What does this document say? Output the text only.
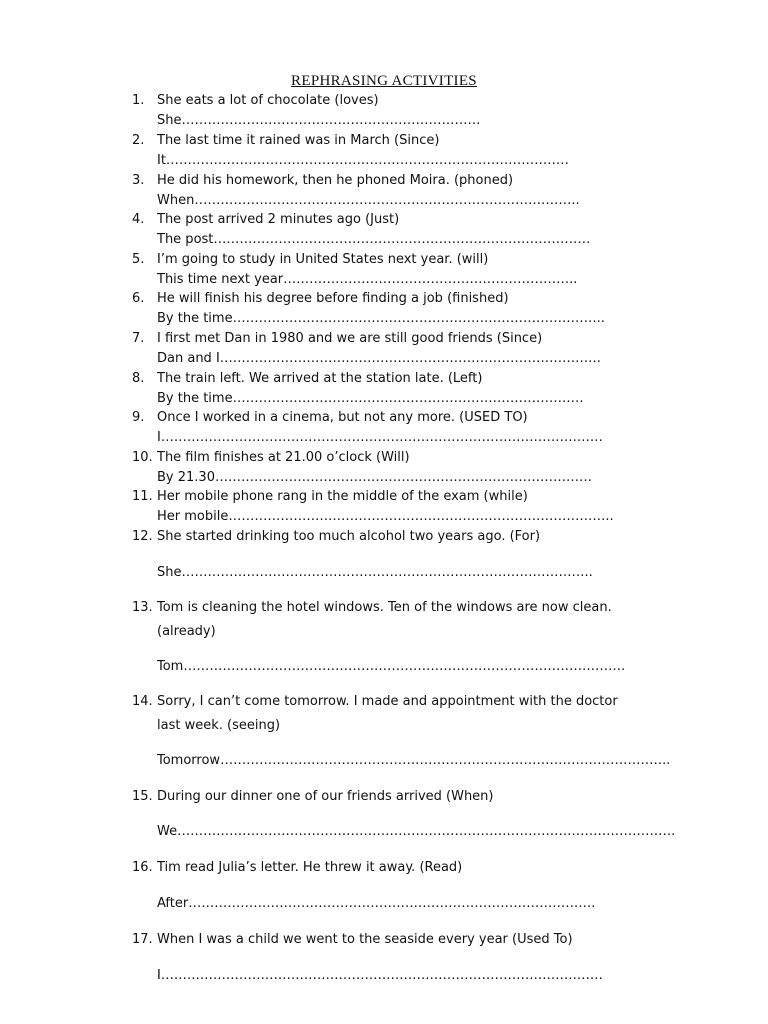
REPHRASING ACTIVITIES
1. She eats a lot of chocolate (loves)
She……………………………………………………………
2. The last time it rained was in March (Since)
It…………………………………………………………………………………
3. He did his homework, then he phoned Moira. (phoned)
When……………………………………………………………………………..
4. The post arrived 2 minutes ago (Just)
The post……………………………………………………………………………
5. I’m going to study in United States next year. (will)
This time next year…………………………………………………………..
6. He will finish his degree before finding a job (finished)
By the time…………………………………………………………………………..
7. I first met Dan in 1980 and we are still good friends (Since)
Dan and I…………………………………………………………………………….
8. The train left. We arrived at the station late. (Left)
By the time………………………………………………………………………
9. Once I worked in a cinema, but not any more. (USED TO)
I…………………………………………………………………………………………
10. The film finishes at 21.00 o’clock (Will)
By 21.30……………………………………………………………………………
11. Her mobile phone rang in the middle of the exam (while)
Her mobile……………………………………………………………………………..
12. She started drinking too much alcohol two years ago. (For)
She…………………………………………………………………………………..
13. Tom is cleaning the hotel windows. Ten of the windows are now clean.
(already)
Tom…………………………………………………………………………………………
14. Sorry, I can’t come tomorrow. I made and appointment with the doctor
last week. (seeing)
Tomorrow…………………………………………………………………………………………..
15. During our dinner one of our friends arrived (When)
We…………………………………………………………………………………………………….
16. Tim read Julia’s letter. He threw it away. (Read)
After………………………………………………………………………………….
17. When I was a child we went to the seaside every year (Used To)
I…………………………………………………………………………………………
